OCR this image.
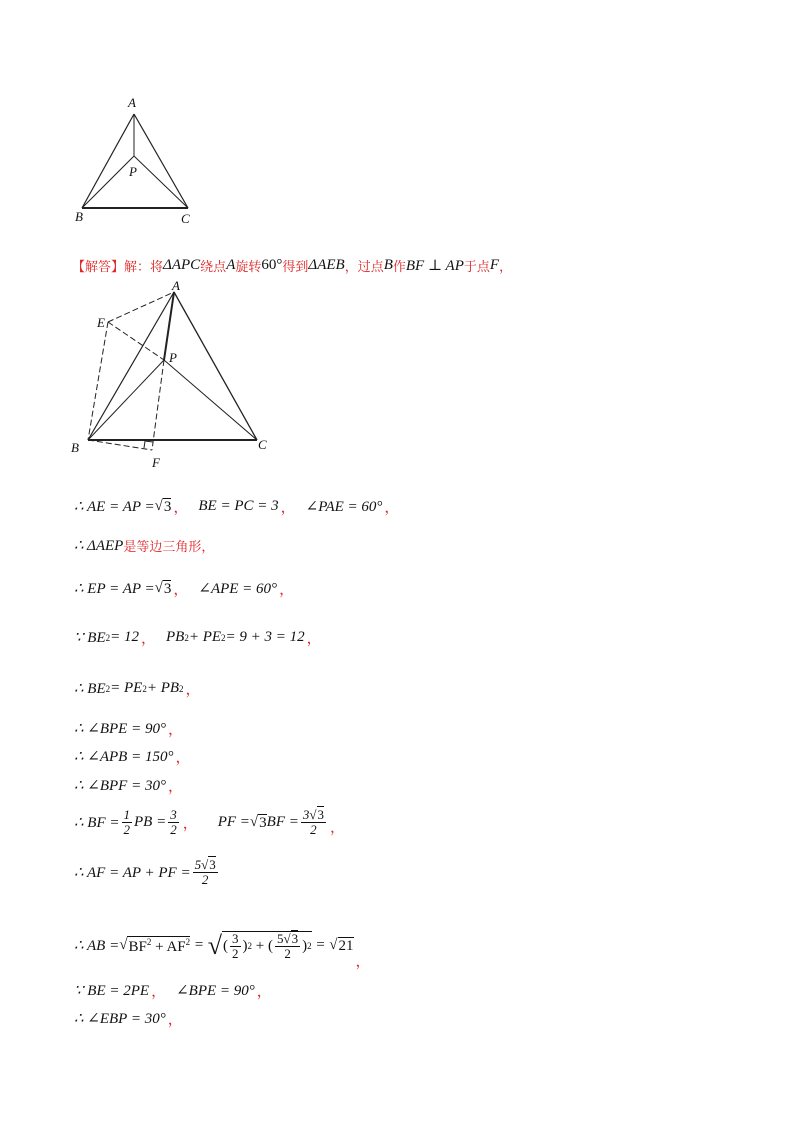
A
P
B	C
【解答】 解：将 ΔAPC 绕点 A 旋转 60° 得到 ΔAEB ，过点 B 作 BF ⊥ AP 于点 F ，
A
E
P
B	C
F
∴ AE = AP = √ 3 ， BE = PC = 3 ， ∠PAE = 60° ，
∴ ΔAEP 是等边三角形，
∴ EP = AP = √ 3 ， ∠APE = 60° ，
∵ BE 2 = 12 ， PB 2 + PE 2 = 9 + 3 = 12 ，
∴ BE 2 = PE 2 + PB 2 ，
∴ ∠BPE = 90° ，
∴ ∠APB = 150° ，
∴ ∠BPF = 30° ，
∴ BF = $\frac{1}{2}$ PB = $\frac{3}{2}$ ， PF = √ 3 BF = $\frac{3√3}{2}$ ，
∴ AF = AP + PF = $\frac{5√3}{2}$
∴ AB = √ $BF^2 + AF^2$ = √ ( $\frac{3}{2}$ ) 2 + ( $\frac{5√3}{2}$ ) 2 = √ 21
，
∵ BE = 2PE ， ∠BPE = 90° ，
∴ ∠EBP = 30° ，
